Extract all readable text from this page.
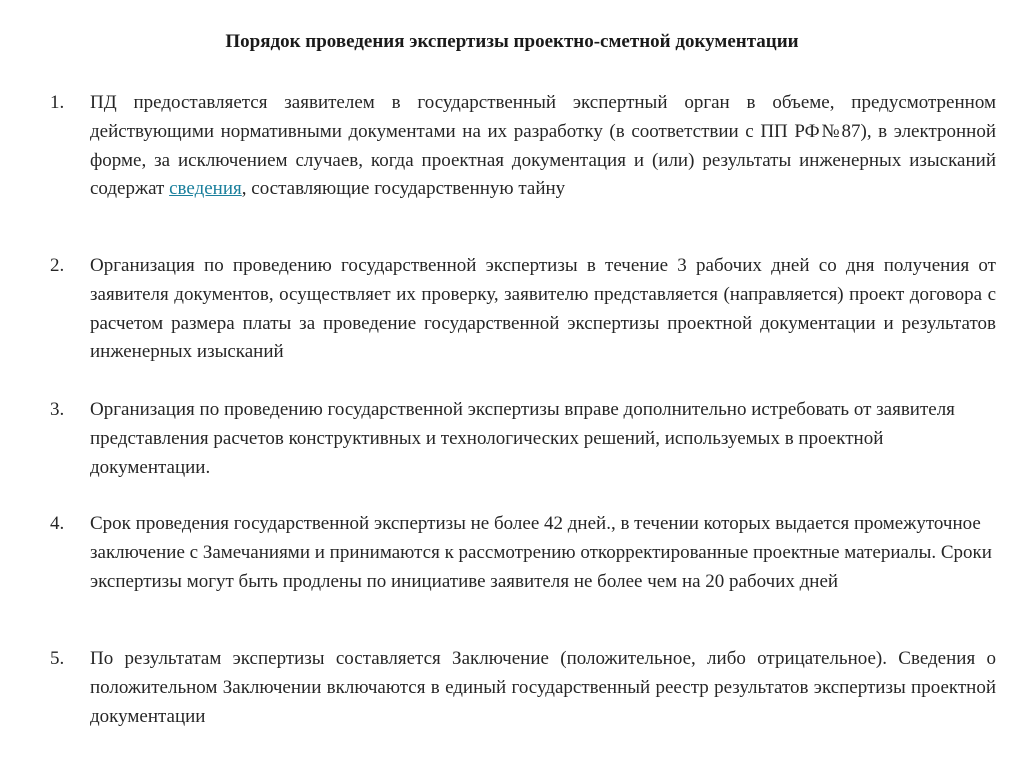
Порядок проведения экспертизы проектно-сметной документации
1. ПД предоставляется заявителем в государственный экспертный орган в объеме, предусмотренном действующими нормативными документами на их разработку (в соответствии с ПП РФ№87), в электронной форме, за исключением случаев, когда проектная документация и (или) результаты инженерных изысканий содержат сведения, составляющие государственную тайну
2. Организация по проведению государственной экспертизы в течение 3 рабочих дней со дня получения от заявителя документов, осуществляет их проверку, заявителю представляется (направляется) проект договора с расчетом размера платы за проведение государственной экспертизы проектной документации и результатов инженерных изысканий
3. Организация по проведению государственной экспертизы вправе дополнительно истребовать от заявителя представления расчетов конструктивных и технологических решений, используемых в проектной документации.
4. Срок проведения государственной экспертизы не более 42 дней., в течении которых выдается промежуточное заключение с Замечаниями и принимаются к рассмотрению откорректированные проектные материалы. Сроки экспертизы могут быть продлены по инициативе заявителя не более чем на 20 рабочих дней
5. По результатам экспертизы составляется Заключение (положительное, либо отрицательное). Сведения о положительном Заключении включаются в единый государственный реестр результатов экспертизы проектной документации
